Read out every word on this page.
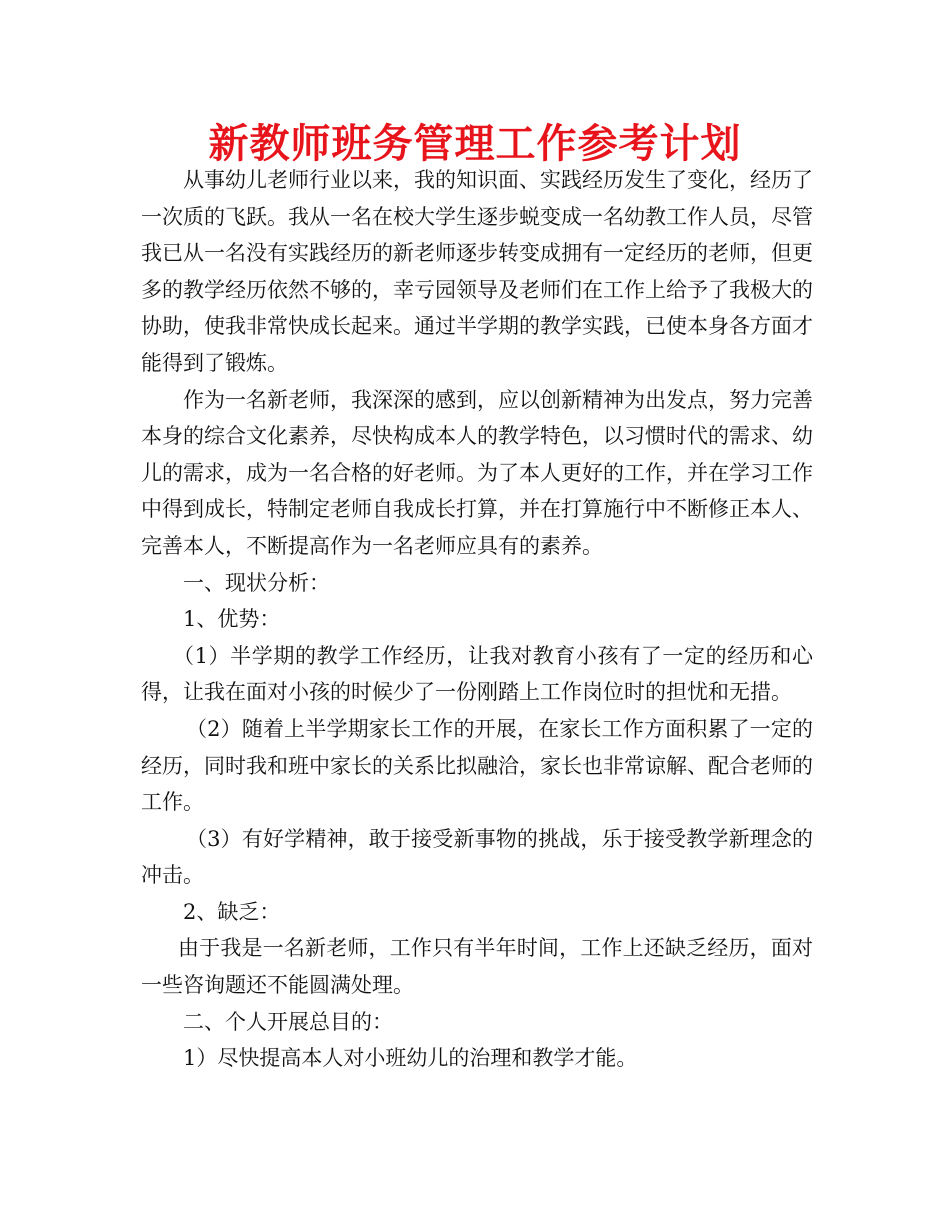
新教师班务管理工作参考计划

从事幼儿老师行业以来，我的知识面、实践经历发生了变化，经历了一次质的飞跃。我从一名在校大学生逐步蜕变成一名幼教工作人员，尽管我已从一名没有实践经历的新老师逐步转变成拥有一定经历的老师，但更多的教学经历依然不够的，幸亏园领导及老师们在工作上给予了我极大的协助，使我非常快成长起来。通过半学期的教学实践，已使本身各方面才能得到了锻炼。

作为一名新老师，我深深的感到，应以创新精神为出发点，努力完善本身的综合文化素养，尽快构成本人的教学特色，以习惯时代的需求、幼儿的需求，成为一名合格的好老师。为了本人更好的工作，并在学习工作中得到成长，特制定老师自我成长打算，并在打算施行中不断修正本人、完善本人，不断提高作为一名老师应具有的素养。

一、现状分析：

1、优势：

（1）半学期的教学工作经历，让我对教育小孩有了一定的经历和心得，让我在面对小孩的时候少了一份刚踏上工作岗位时的担忧和无措。

（2）随着上半学期家长工作的开展，在家长工作方面积累了一定的经历，同时我和班中家长的关系比拟融洽，家长也非常谅解、配合老师的工作。

（3）有好学精神，敢于接受新事物的挑战，乐于接受教学新理念的冲击。

2、缺乏：

由于我是一名新老师，工作只有半年时间，工作上还缺乏经历，面对一些咨询题还不能圆满处理。

二、个人开展总目的：

1）尽快提高本人对小班幼儿的治理和教学才能。
